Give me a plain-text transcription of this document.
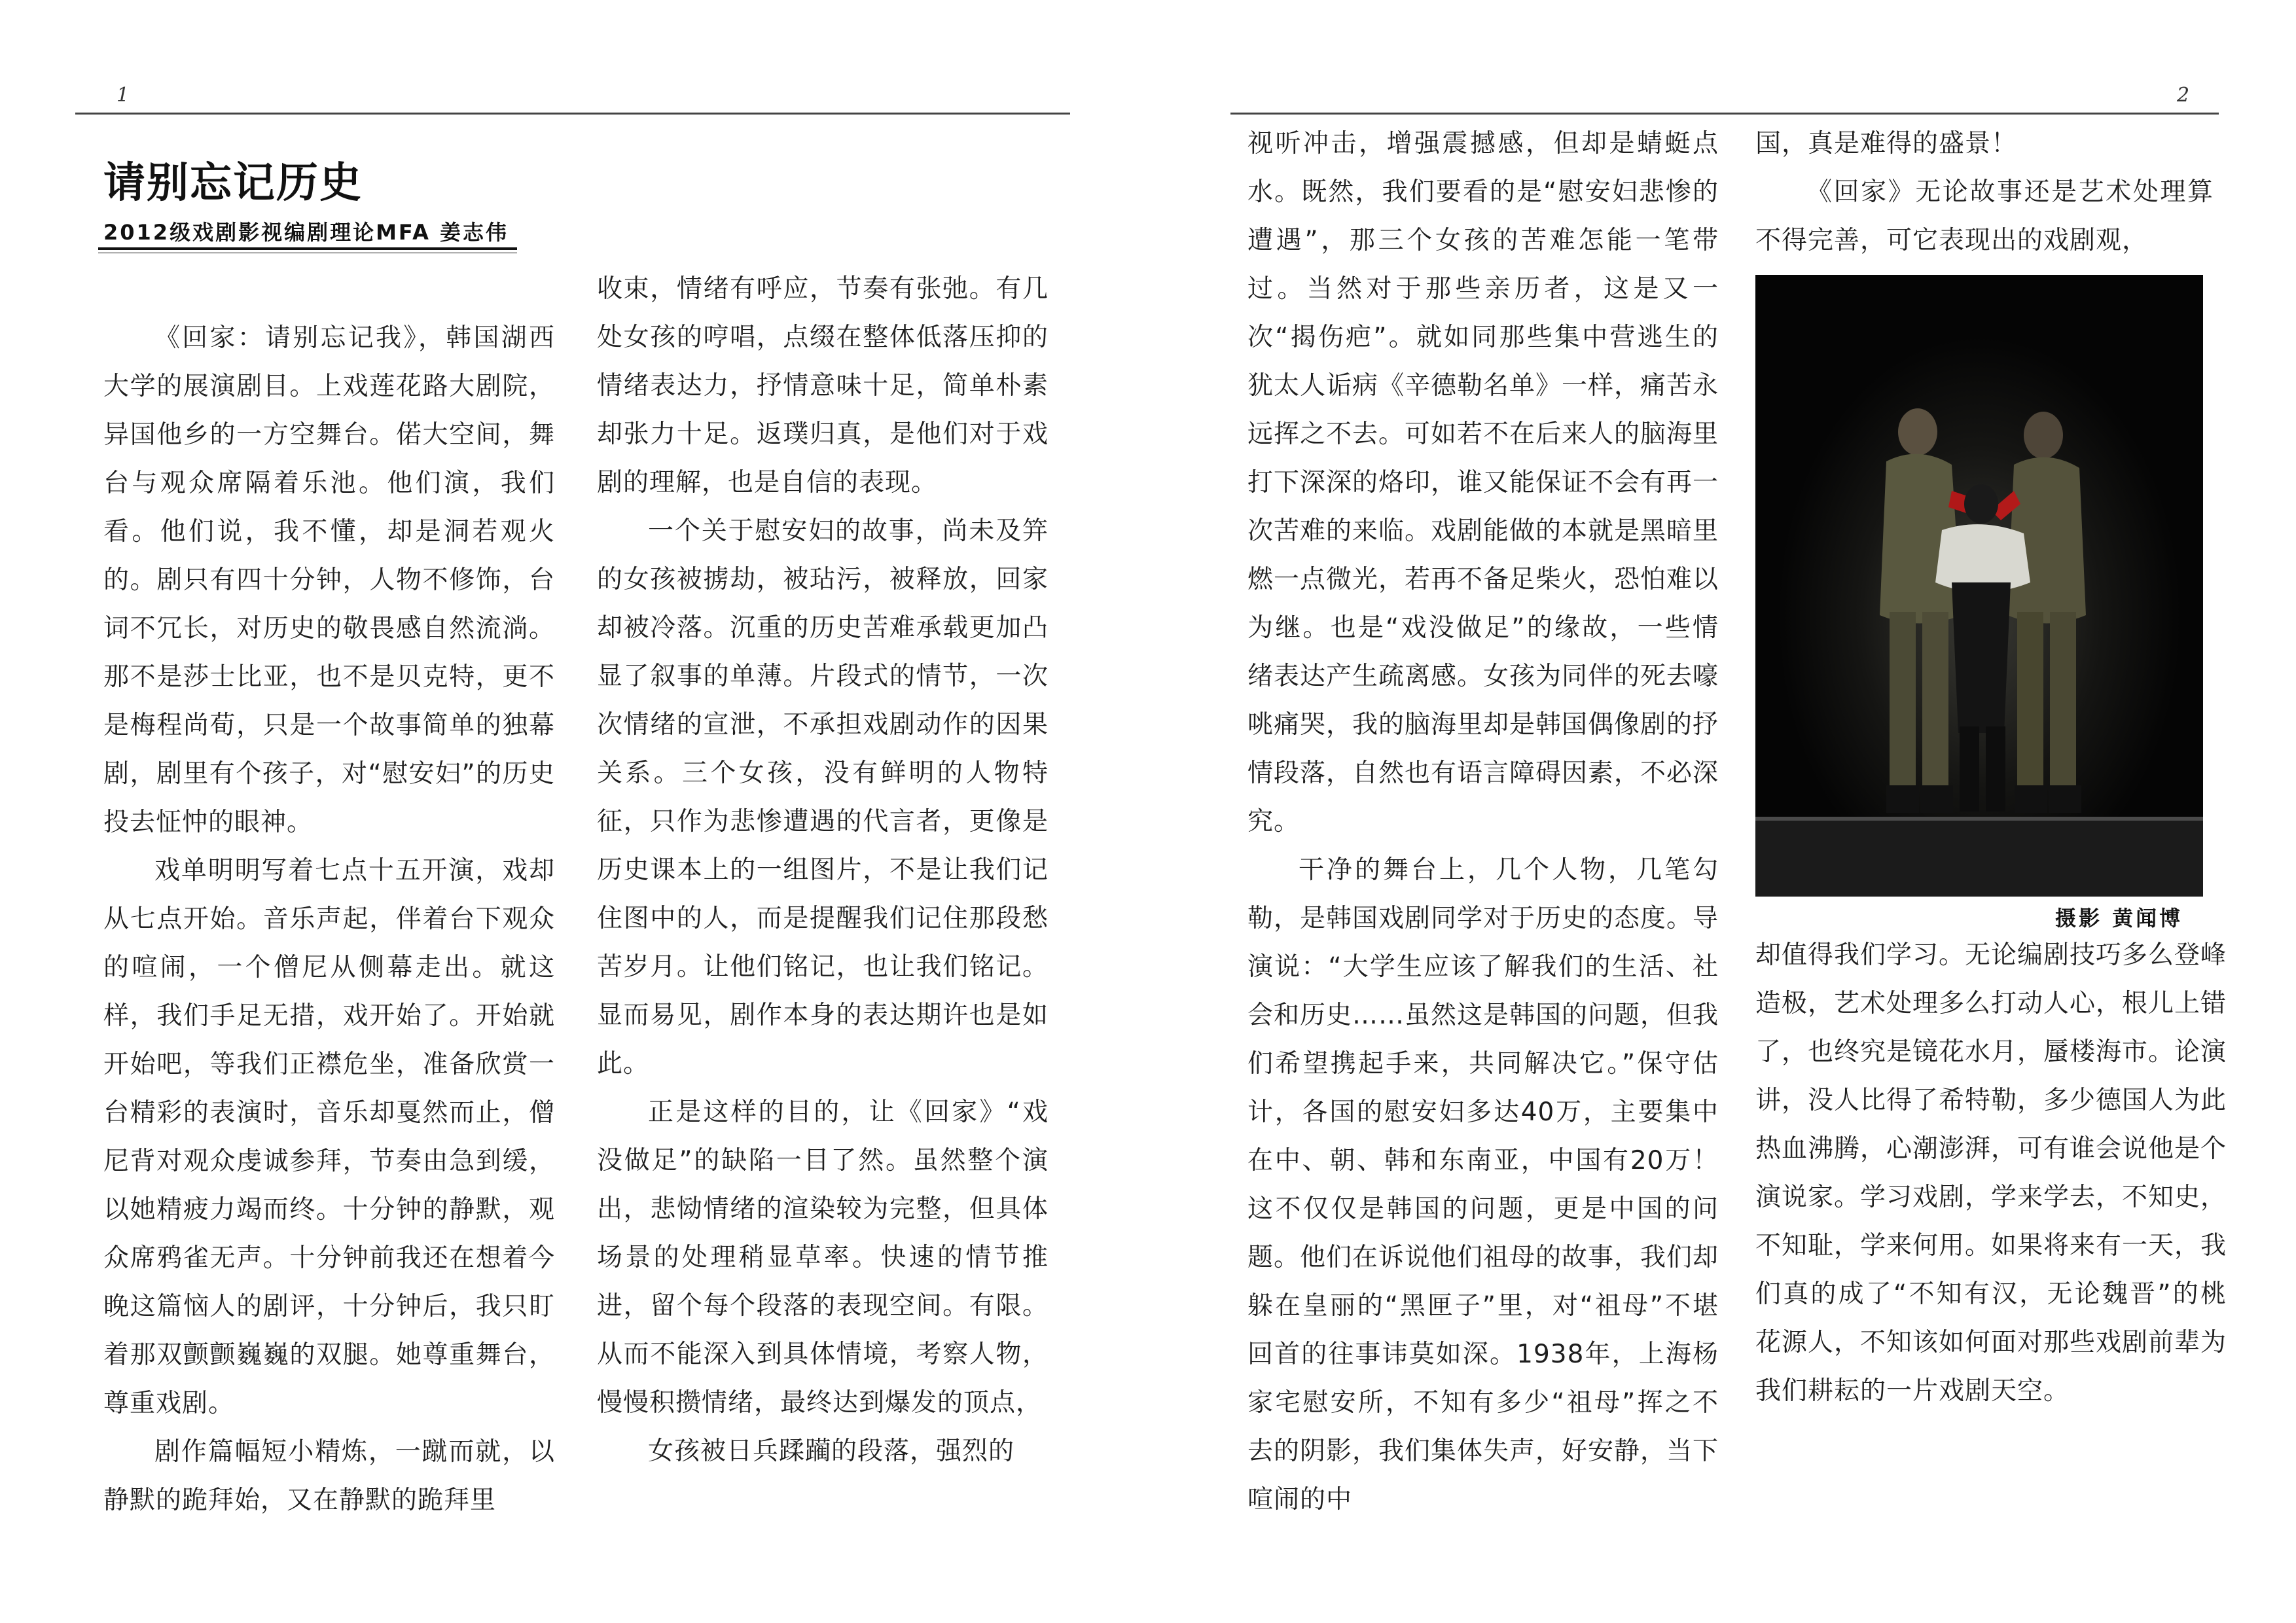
1	2
请别忘记历史
2012级戏剧影视编剧理论MFA 姜志伟

《回家：请别忘记我》，韩国湖西大学的展演剧目。上戏莲花路大剧院，异国他乡的一方空舞台。偌大空间，舞台与观众席隔着乐池。他们演，我们看。他们说，我不懂，却是洞若观火的。剧只有四十分钟，人物不修饰，台词不冗长，对历史的敬畏感自然流淌。那不是莎士比亚，也不是贝克特，更不是梅程尚荀，只是一个故事简单的独幕剧，剧里有个孩子，对“慰安妇”的历史投去怔忡的眼神。

戏单明明写着七点十五开演，戏却从七点开始。音乐声起，伴着台下观众的喧闹，一个僧尼从侧幕走出。就这样，我们手足无措，戏开始了。开始就开始吧，等我们正襟危坐，准备欣赏一台精彩的表演时，音乐却戛然而止，僧尼背对观众虔诚参拜，节奏由急到缓，以她精疲力竭而终。十分钟的静默，观众席鸦雀无声。十分钟前我还在想着今晚这篇恼人的剧评，十分钟后，我只盯着那双颤颤巍巍的双腿。她尊重舞台，尊重戏剧。

剧作篇幅短小精炼，一蹴而就，以静默的跪拜始，又在静默的跪拜里

收束，情绪有呼应，节奏有张弛。有几处女孩的哼唱，点缀在整体低落压抑的情绪表达力，抒情意味十足，简单朴素却张力十足。返璞归真，是他们对于戏剧的理解，也是自信的表现。

一个关于慰安妇的故事，尚未及笄的女孩被掳劫，被玷污，被释放，回家却被冷落。沉重的历史苦难承载更加凸显了叙事的单薄。片段式的情节，一次次情绪的宣泄，不承担戏剧动作的因果关系。三个女孩，没有鲜明的人物特征，只作为悲惨遭遇的代言者，更像是历史课本上的一组图片，不是让我们记住图中的人，而是提醒我们记住那段愁苦岁月。让他们铭记，也让我们铭记。显而易见，剧作本身的表达期许也是如此。

正是这样的目的，让《回家》“戏没做足”的缺陷一目了然。虽然整个演出，悲恸情绪的渲染较为完整，但具体场景的处理稍显草率。快速的情节推进，留个每个段落的表现空间。有限。从而不能深入到具体情境，考察人物，慢慢积攒情绪，最终达到爆发的顶点，

女孩被日兵蹂躏的段落，强烈的

视听冲击，增强震撼感，但却是蜻蜓点水。既然，我们要看的是“慰安妇悲惨的遭遇”，那三个女孩的苦难怎能一笔带过。当然对于那些亲历者，这是又一次“揭伤疤”。就如同那些集中营逃生的犹太人诟病《辛德勒名单》一样，痛苦永远挥之不去。可如若不在后来人的脑海里打下深深的烙印，谁又能保证不会有再一次苦难的来临。戏剧能做的本就是黑暗里燃一点微光，若再不备足柴火，恐怕难以为继。也是“戏没做足”的缘故，一些情绪表达产生疏离感。女孩为同伴的死去嚎咷痛哭，我的脑海里却是韩国偶像剧的抒情段落，自然也有语言障碍因素，不必深究。

干净的舞台上，几个人物，几笔勾勒，是韩国戏剧同学对于历史的态度。导演说：“大学生应该了解我们的生活、社会和历史……虽然这是韩国的问题，但我们希望携起手来，共同解决它。”保守估计，各国的慰安妇多达40万，主要集中在中、朝、韩和东南亚，中国有20万！这不仅仅是韩国的问题，更是中国的问题。他们在诉说他们祖母的故事，我们却躲在皇丽的“黑匣子”里，对“祖母”不堪回首的往事讳莫如深。1938年，上海杨家宅慰安所，不知有多少“祖母”挥之不去的阴影，我们集体失声，好安静，当下喧闹的中

国，真是难得的盛景！

《回家》无论故事还是艺术处理算不得完善，可它表现出的戏剧观，

摄影 黄闻博

却值得我们学习。无论编剧技巧多么登峰造极，艺术处理多么打动人心，根儿上错了，也终究是镜花水月，蜃楼海市。论演讲，没人比得了希特勒，多少德国人为此热血沸腾，心潮澎湃，可有谁会说他是个演说家。学习戏剧，学来学去，不知史，不知耻，学来何用。如果将来有一天，我们真的成了“不知有汉，无论魏晋”的桃花源人，不知该如何面对那些戏剧前辈为我们耕耘的一片戏剧天空。
